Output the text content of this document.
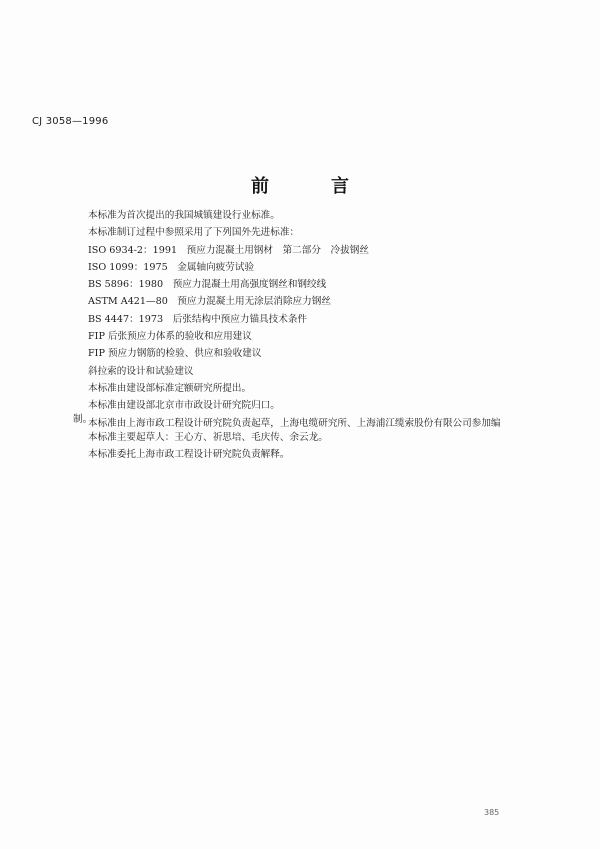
CJ 3058—1996
前　言
本标准为首次提出的我国城镇建设行业标准。
本标准制订过程中参照采用了下列国外先进标准：
ISO 6934-2：1991　预应力混凝土用钢材　第二部分　冷拔钢丝
ISO 1099：1975　金属轴向疲劳试验
BS 5896：1980　预应力混凝土用高强度钢丝和钢绞线
ASTM A421—80　预应力混凝土用无涂层消除应力钢丝
BS 4447：1973　后张结构中预应力锚具技术条件
FIP 后张预应力体系的验收和应用建议
FIP 预应力钢筋的检验、供应和验收建议
斜拉索的设计和试验建议
本标准由建设部标准定额研究所提出。
本标准由建设部北京市市政设计研究院归口。
本标准由上海市政工程设计研究院负责起草，上海电缆研究所、上海浦江缆索股份有限公司参加编
制。
本标准主要起草人：王心方、祈思培、毛庆传、余云龙。
本标准委托上海市政工程设计研究院负责解释。
385
